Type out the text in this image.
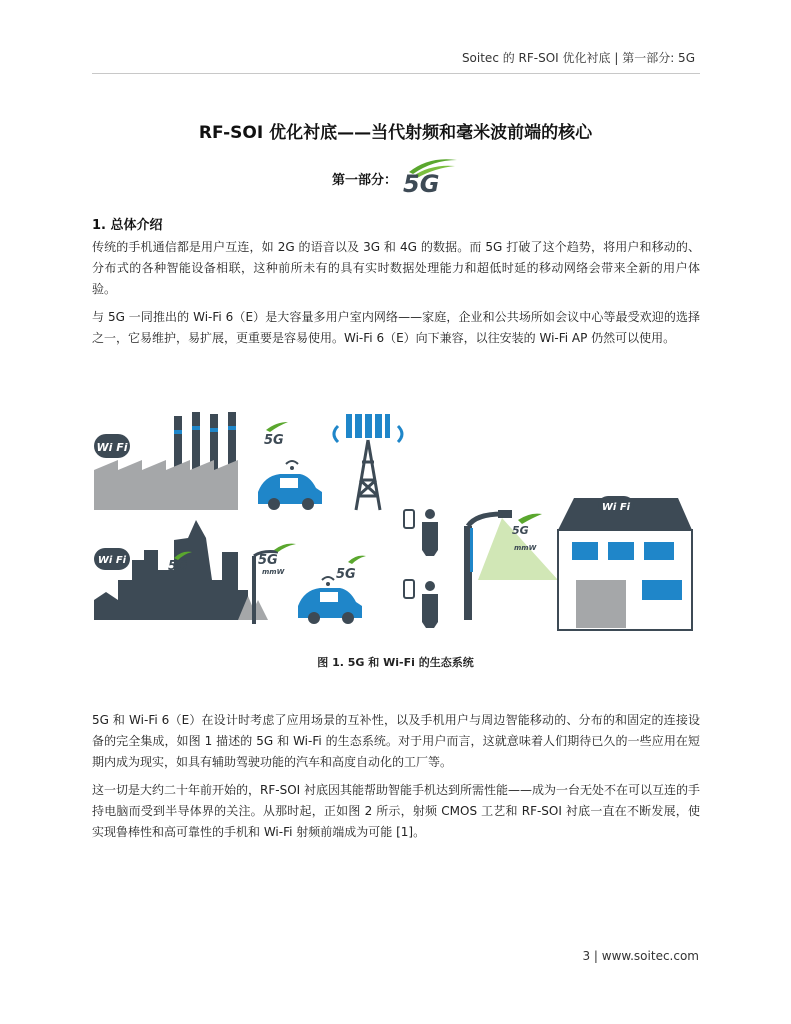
Soitec 的 RF-SOI 优化衬底 | 第一部分: 5G
RF-SOI 优化衬底——当代射频和毫米波前端的核心
第一部分： 5G
1. 总体介绍

传统的手机通信都是用户互连，如 2G 的语音以及 3G 和 4G 的数据。而 5G 打破了这个趋势，将用户和移动的、分布式的各种智能设备相联，这种前所未有的具有实时数据处理能力和超低时延的移动网络会带来全新的用户体验。

与 5G 一同推出的 Wi-Fi 6（E）是大容量多用户室内网络——家庭，企业和公共场所如会议中心等最受欢迎的选择之一，它易维护，易扩展，更重要是容易使用。Wi-Fi 6（E）向下兼容，以往安装的 Wi-Fi AP 仍然可以使用。

Wi Fi	5G
5G
mmW
Wi Fi
Wi Fi	5G	5G
mmW	5G
图 1. 5G 和 Wi-Fi 的生态系统

5G 和 Wi-Fi 6（E）在设计时考虑了应用场景的互补性，以及手机用户与周边智能移动的、分布的和固定的连接设备的完全集成，如图 1 描述的 5G 和 Wi-Fi 的生态系统。对于用户而言，这就意味着人们期待已久的一些应用在短期内成为现实，如具有辅助驾驶功能的汽车和高度自动化的工厂等。

这一切是大约二十年前开始的，RF-SOI 衬底因其能帮助智能手机达到所需性能——成为一台无处不在可以互连的手持电脑而受到半导体界的关注。从那时起，正如图 2 所示，射频 CMOS 工艺和 RF-SOI 衬底一直在不断发展，使实现鲁棒性和高可靠性的手机和 Wi-Fi 射频前端成为可能 [1]。

3 | www.soitec.com
